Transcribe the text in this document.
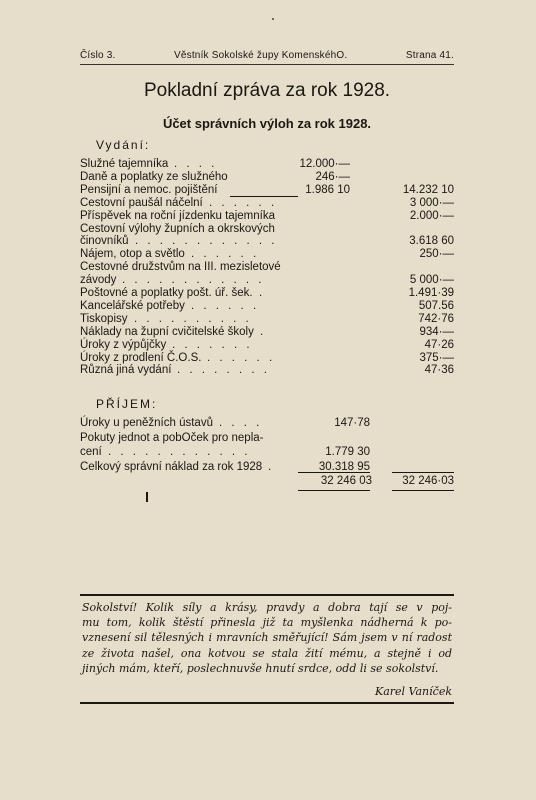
Číslo 3.	Věstník Sokolské župy KomenskéhO.	Strana 41.
Pokladní zpráva za rok 1928.
Účet správních výloh za rok 1928.
Vydání:
Služné tajemníka . . . .	12.000·—
Daně a poplatky ze služného	246·—
Pensijní a nemoc. pojištění	1.986 10	14.232 10
Cestovní paušál náčelní . . . . . .	3 000·—
Příspěvek na roční jízdenku tajemníka	2.000·—
Cestovní výlohy župních a okrskových
činovníků . . . . . . . . . . . .	3.618 60
Nájem, otop a světlo . . . . . .	250·—
Cestovné družstvům na III. mezisletové
závody . . . . . . . . . . . .	5 000·—
Poštovné a poplatky pošt. úř. šek. .	1.491·39
Kancelářské potřeby . . . . . .	507.56
Tiskopisy . . . . . . . . . .	742·76
Náklady na župní cvičitelské školy .	934·—
Úroky z výpůjčky . . . . . . .	47·26
Úroky z prodlení Č.O.S. . . . . . .	375·—
Různá jiná vydání . . . . . . . .	47·36
PŘÍJEM:
Úroky u peněžních ústavů . . . .	147·78
Pokuty jednot a pobOček pro nepla-
cení . . . . . . . . . . . .	1.779 30
Celkový správní náklad za rok 1928 .	30.318 95
32 246 03	32 246·03
Sokolství! Kolik síly a krásy, pravdy a dobra tají se v poj-
mu tom, kolik štěstí přinesla již ta myšlenka nádherná k po-
vznesení sil tělesných i mravních směřující! Sám jsem v ní radost
ze života našel, ona kotvou se stala žití mému, a stejně i od
jiných mám, kteří, poslechnuvše hnutí srdce, odd li se sokolství.
Karel Vaníček
